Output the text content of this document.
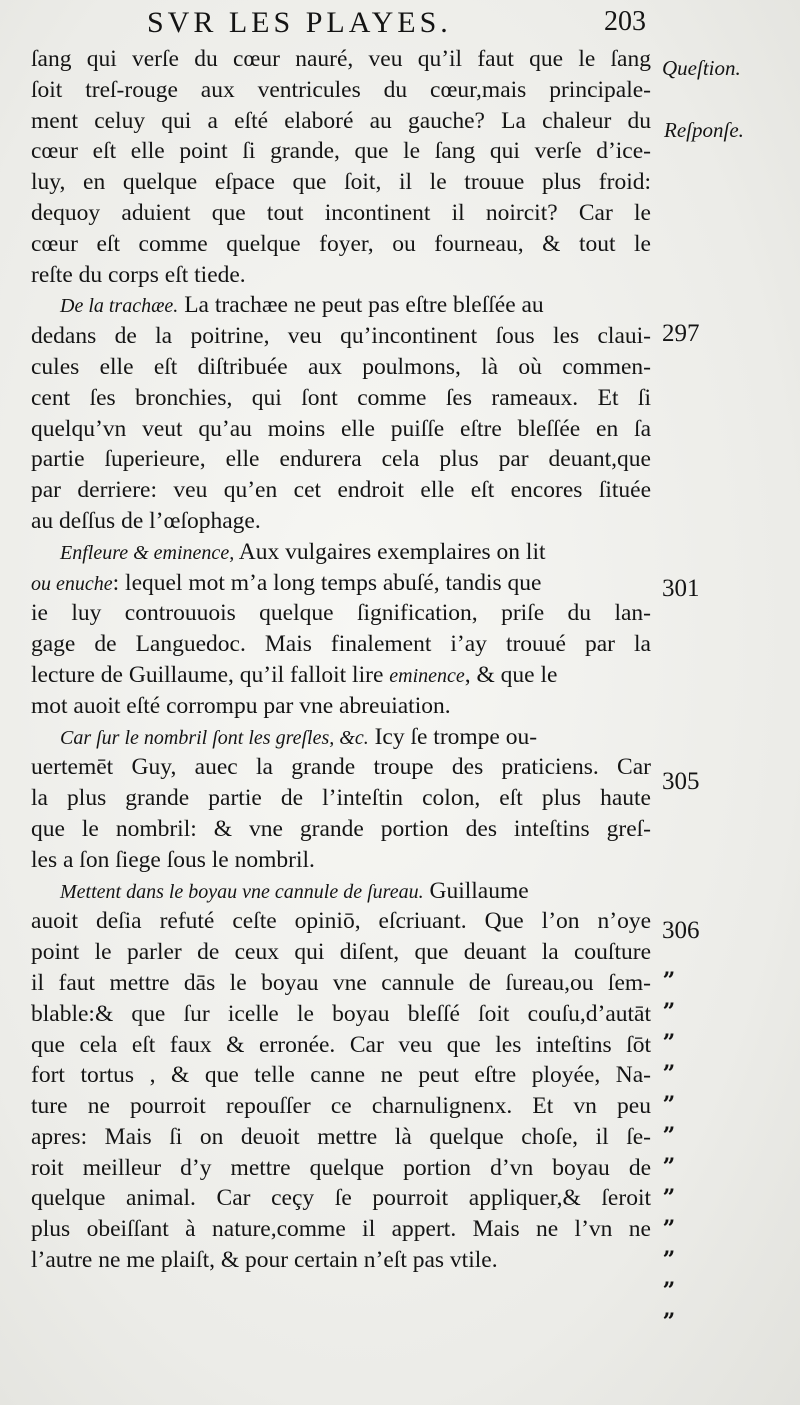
SVR LES PLAYES.	203
ſang qui verſe du cœur nauré, veu qu’il faut que le ſang
ſoit treſ-rouge aux ventricules du cœur,mais principale-
ment celuy qui a eſté elaboré au gauche? La chaleur du
cœur eſt elle point ſi grande, que le ſang qui verſe d’ice-
luy, en quelque eſpace que ſoit, il le trouue plus froid:
dequoy aduient que tout incontinent il noircit? Car le
cœur eſt comme quelque foyer, ou fourneau, & tout le
reſte du corps eſt tiede.
De la trachæe. La trachæe ne peut pas eſtre bleſſée au
dedans de la poitrine, veu qu’incontinent ſous les claui-
cules elle eſt diſtribuée aux poulmons, là où commen-
cent ſes bronchies, qui ſont comme ſes rameaux. Et ſi
quelqu’vn veut qu’au moins elle puiſſe eſtre bleſſée en ſa
partie ſuperieure, elle endurera cela plus par deuant,que
par derriere: veu qu’en cet endroit elle eſt encores ſituée
au deſſus de l’œſophage.
Enfleure & eminence, Aux vulgaires exemplaires on lit
ou enuche: lequel mot m’a long temps abuſé, tandis que
ie luy controuuois quelque ſignification, priſe du lan-
gage de Languedoc. Mais finalement i’ay trouué par la
lecture de Guillaume, qu’il falloit lire eminence, & que le
mot auoit eſté corrompu par vne abreuiation.
Car ſur le nombril ſont les greſles, &c. Icy ſe trompe ou-
uertemēt Guy, auec la grande troupe des praticiens. Car
la plus grande partie de l’inteſtin colon, eſt plus haute
que le nombril: & vne grande portion des inteſtins greſ-
les a ſon ſiege ſous le nombril.
Mettent dans le boyau vne cannule de ſureau. Guillaume
auoit deſia refuté ceſte opiniō, eſcriuant. Que l’on n’oye
point le parler de ceux qui diſent, que deuant la couſture
il faut mettre dās le boyau vne cannule de ſureau,ou ſem-
blable:& que ſur icelle le boyau bleſſé ſoit couſu,d’autāt
que cela eſt faux & erronée. Car veu que les inteſtins ſōt
fort tortus , & que telle canne ne peut eſtre ployée, Na-
ture ne pourroit repouſſer ce charnulignenx. Et vn peu
apres: Mais ſi on deuoit mettre là quelque choſe, il ſe-
roit meilleur d’y mettre quelque portion d’vn boyau de
quelque animal. Car ceçy ſe pourroit appliquer,& ſeroit
plus obeiſſant à nature,comme il appert. Mais ne l’vn ne
l’autre ne me plaiſt, & pour certain n’eſt pas vtile.
Queſtion.
Reſponſe.
297
301
305
306
„
„
„
„
„
„
„
„
„
„
„
„
